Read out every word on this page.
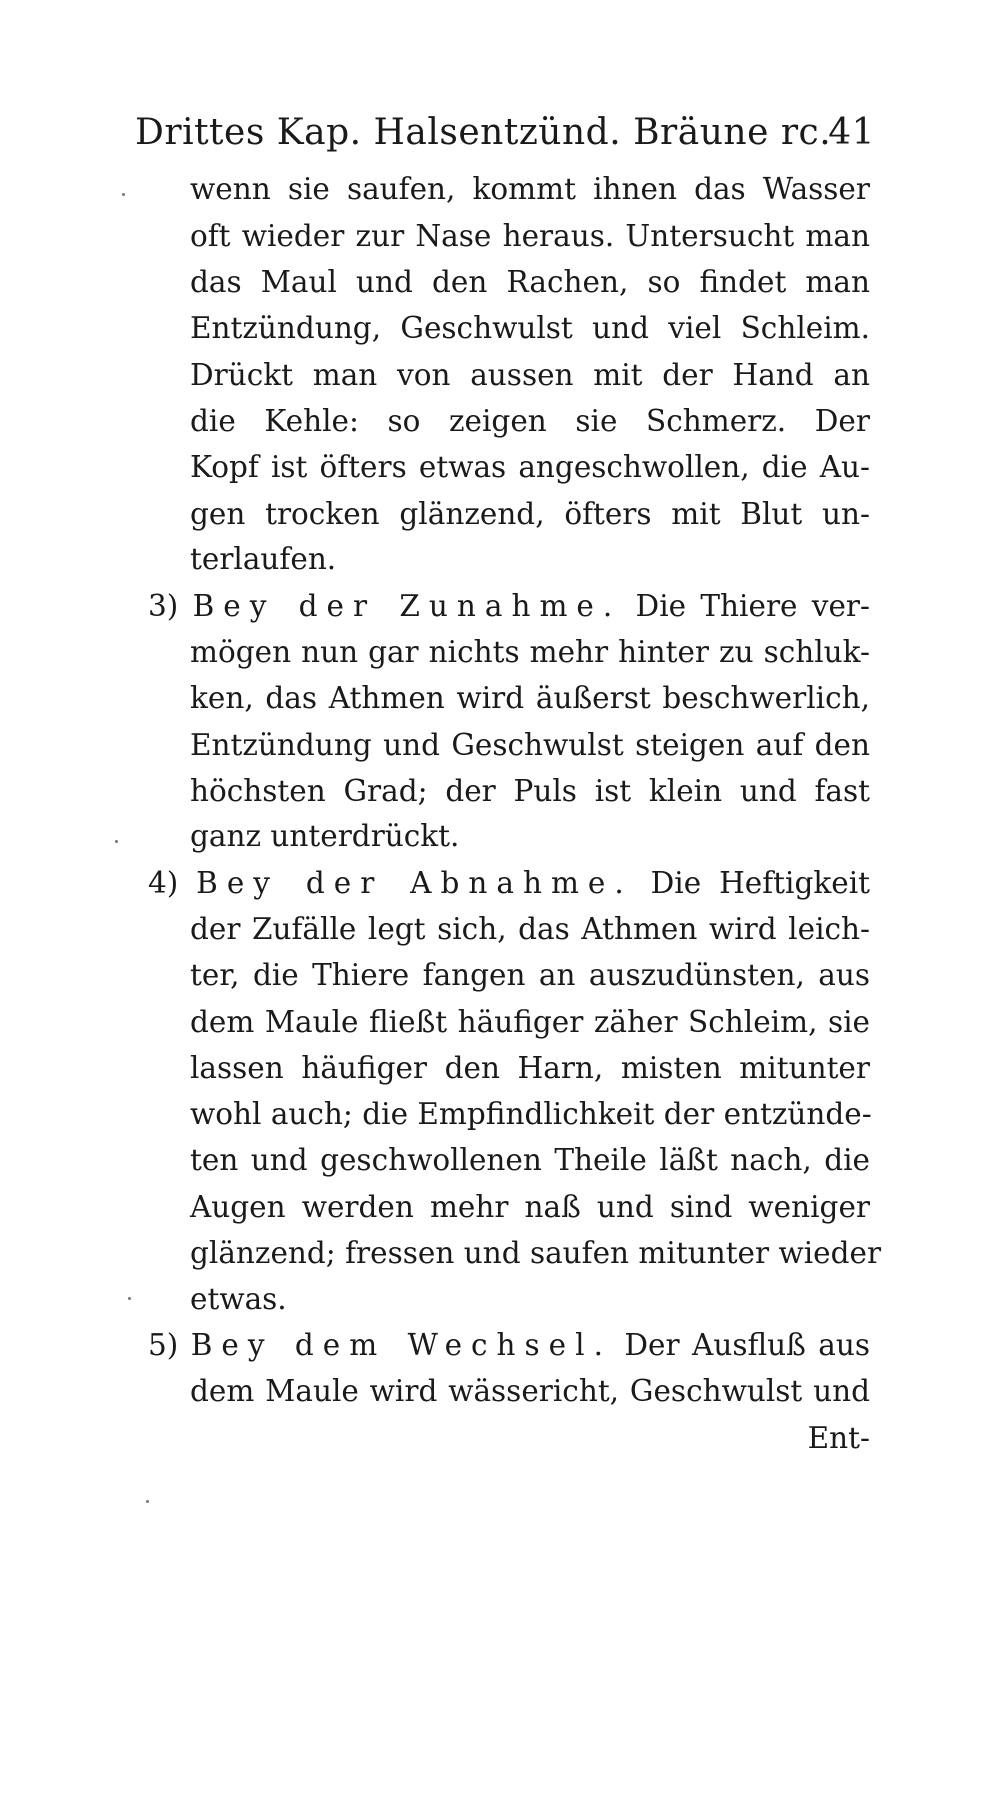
Drittes Kap. Halsentzünd. Bräune rc.
41
wenn sie saufen, kommt ihnen das Wasser
oft wieder zur Nase heraus. Untersucht man
das Maul und den Rachen, so findet man
Entzündung, Geschwulst und viel Schleim.
Drückt man von aussen mit der Hand an
die Kehle: so zeigen sie Schmerz. Der
Kopf ist öfters etwas angeschwollen, die Au-
gen trocken glänzend, öfters mit Blut un-
terlaufen.
3) Bey der Zunahme. Die Thiere ver-
mögen nun gar nichts mehr hinter zu schluk-
ken, das Athmen wird äußerst beschwerlich,
Entzündung und Geschwulst steigen auf den
höchsten Grad; der Puls ist klein und fast
ganz unterdrückt.
4) Bey der Abnahme. Die Heftigkeit
der Zufälle legt sich, das Athmen wird leich-
ter, die Thiere fangen an auszudünsten, aus
dem Maule fließt häufiger zäher Schleim, sie
lassen häufiger den Harn, misten mitunter
wohl auch; die Empfindlichkeit der entzünde-
ten und geschwollenen Theile läßt nach, die
Augen werden mehr naß und sind weniger
glänzend; fressen und saufen mitunter wieder
etwas.
5) Bey dem Wechsel. Der Ausfluß aus
dem Maule wird wässericht, Geschwulst und
Ent-
